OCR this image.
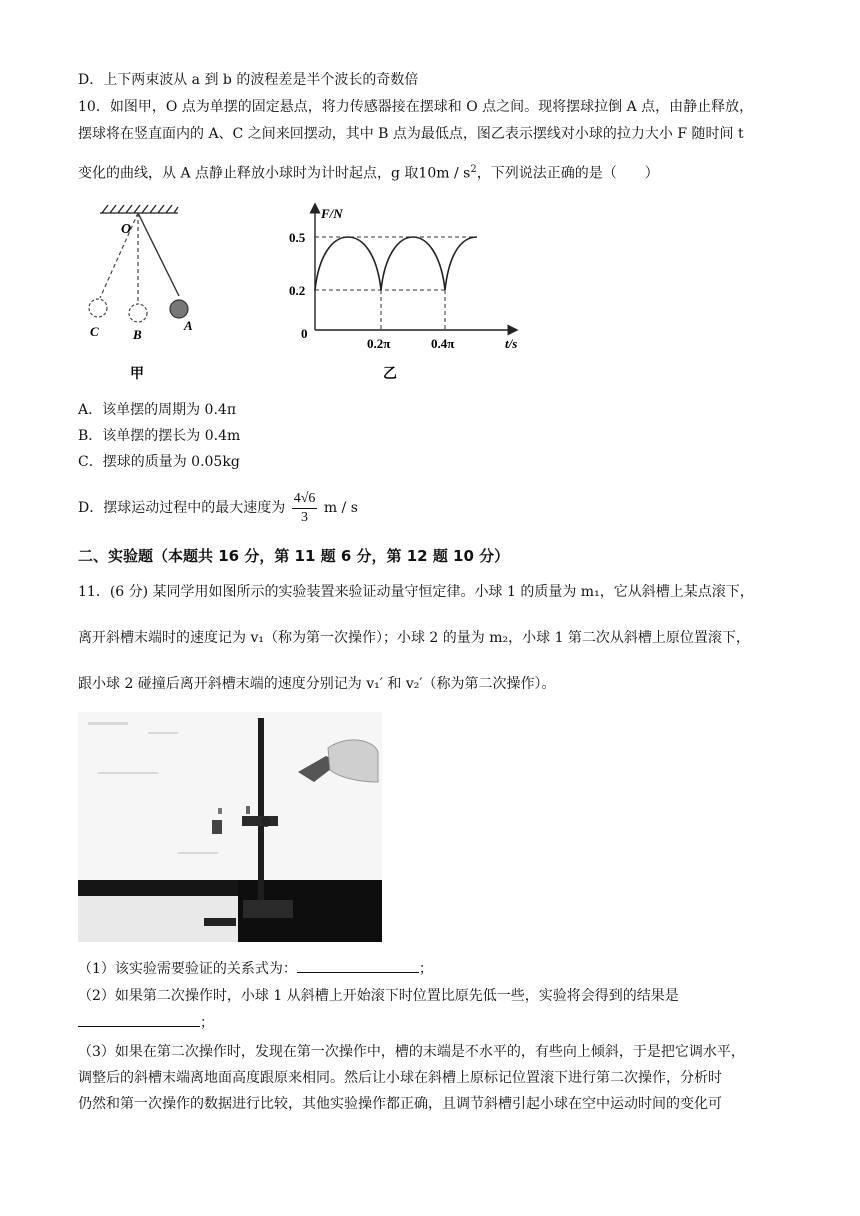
D．上下两束波从 a 到 b 的波程差是半个波长的奇数倍
10．如图甲，O 点为单摆的固定悬点，将力传感器接在摆球和 O 点之间。现将摆球拉倒 A 点，由静止释放，
摆球将在竖直面内的 A、C 之间来回摆动，其中 B 点为最低点，图乙表示摆线对小球的拉力大小 F 随时间 t
变化的曲线，从 A 点静止释放小球时为计时起点，g 取$10m / s^2$，下列说法正确的是（　　）
O
A
B
C
甲
F/N
0.5
0.2
0
0.2π	0.4π	t/s
乙
A．该单摆的周期为 0.4π
B．该单摆的摆长为 0.4m
C．摆球的质量为 0.05kg
D．摆球运动过程中的最大速度为 $\frac{4√6}{3}$ m / s
二、实验题（本题共 16 分，第 11 题 6 分，第 12 题 10 分）
11．(6 分) 某同学用如图所示的实验装置来验证动量守恒定律。小球 1 的质量为 m₁，它从斜槽上某点滚下，
离开斜槽末端时的速度记为 v₁（称为第一次操作）；小球 2 的量为 m₂，小球 1 第二次从斜槽上原位置滚下，
跟小球 2 碰撞后离开斜槽末端的速度分别记为 v₁′ 和 v₂′（称为第二次操作）。
（1）该实验需要验证的关系式为：	；
（2）如果第二次操作时，小球 1 从斜槽上开始滚下时位置比原先低一些，实验将会得到的结果是
；
（3）如果在第二次操作时，发现在第一次操作中，槽的末端是不水平的，有些向上倾斜，于是把它调水平，
调整后的斜槽末端离地面高度跟原来相同。然后让小球在斜槽上原标记位置滚下进行第二次操作，分析时
仍然和第一次操作的数据进行比较，其他实验操作都正确，且调节斜槽引起小球在空中运动时间的变化可
